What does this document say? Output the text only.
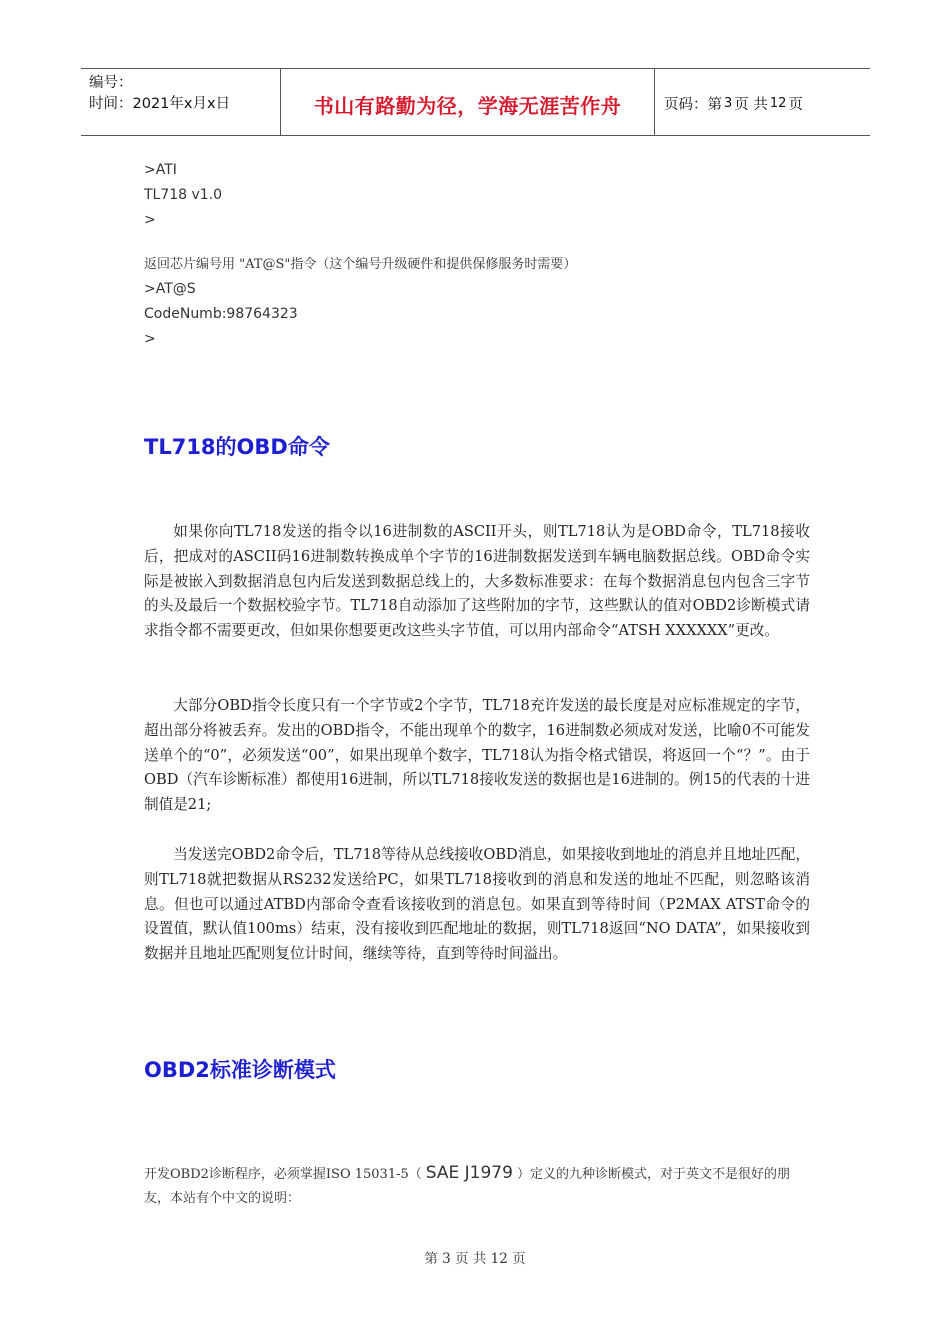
编号：
时间：2021年x月x日	书山有路勤为径，学海无涯苦作舟	页码：第 3 页 共 12 页
>ATI
TL718 v1.0
>
返回芯片编号用 "AT@S"指令（这个编号升级硬件和提供保修服务时需要）
>AT@S
CodeNumb:98764323
>
TL718的OBD命令
如果你向TL718发送的指令以16进制数的ASCII开头，则TL718认为是OBD命令，TL718接收后，把成对的ASCII码16进制数转换成单个字节的16进制数据发送到车辆电脑数据总线。OBD命令实际是被嵌入到数据消息包内后发送到数据总线上的，大多数标准要求：在每个数据消息包内包含三字节的头及最后一个数据校验字节。TL718自动添加了这些附加的字节，这些默认的值对OBD2诊断模式请求指令都不需要更改，但如果你想要更改这些头字节值，可以用内部命令“ATSH XXXXXX”更改。
大部分OBD指令长度只有一个字节或2个字节，TL718充许发送的最长度是对应标准规定的字节，超出部分将被丢弃。发出的OBD指令，不能出现单个的数字，16进制数必须成对发送，比喻0不可能发送单个的“0”，必须发送“00”，如果出现单个数字，TL718认为指令格式错误，将返回一个“？”。由于OBD（汽车诊断标准）都使用16进制，所以TL718接收发送的数据也是16进制的。例15的代表的十进制值是21;
当发送完OBD2命令后，TL718等待从总线接收OBD消息，如果接收到地址的消息并且地址匹配，则TL718就把数据从RS232发送给PC，如果TL718接收到的消息和发送的地址不匹配，则忽略该消息。但也可以通过ATBD内部命令查看该接收到的消息包。如果直到等待时间（P2MAX ATST命令的设置值，默认值100ms）结束，没有接收到匹配地址的数据，则TL718返回“NO DATA”，如果接收到数据并且地址匹配则复位计时间，继续等待，直到等待时间溢出。
OBD2标准诊断模式
开发OBD2诊断程序，必须掌握ISO 15031-5（ SAE J1979 ）定义的九种诊断模式，对于英文不是很好的朋友，本站有个中文的说明：
第 3 页 共 12 页
